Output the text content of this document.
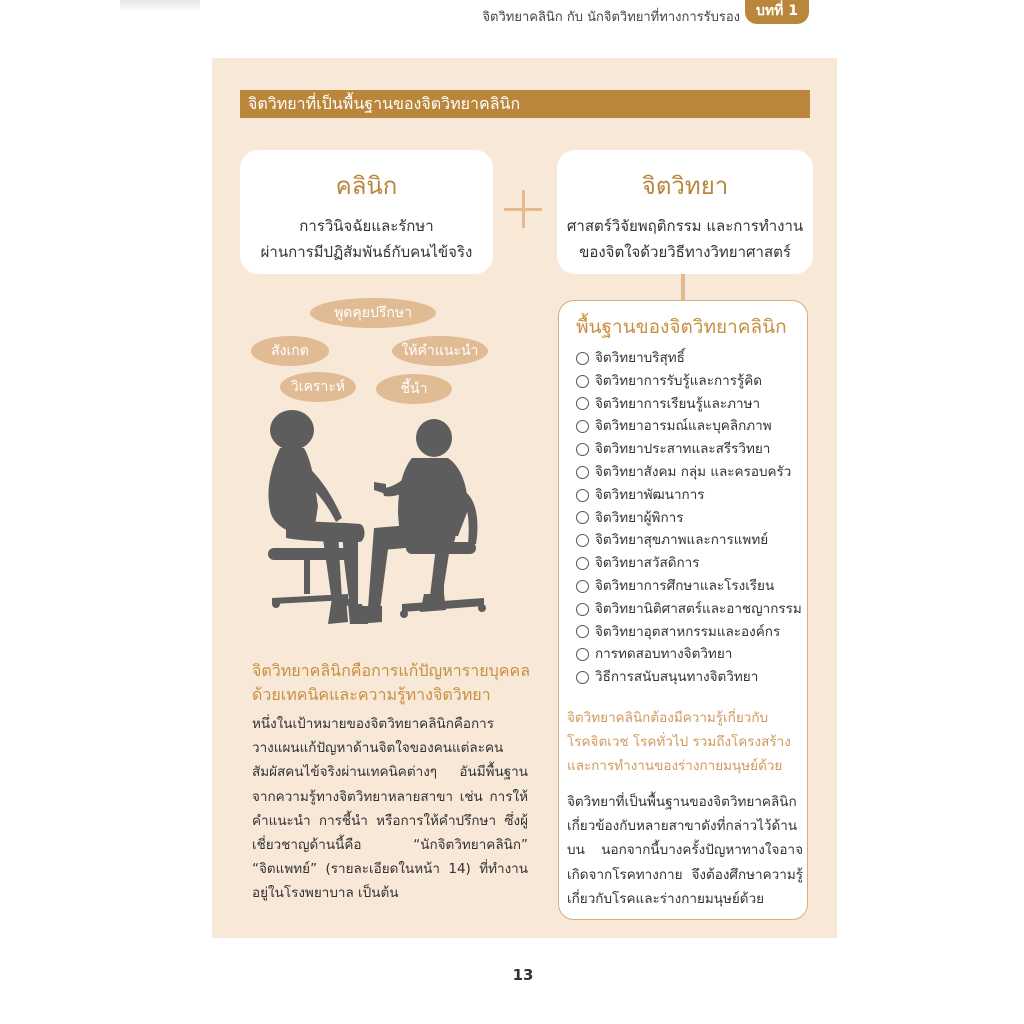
จิตวิทยาคลินิก กับ นักจิตวิทยาที่ทางการรับรอง	บทที่ 1
จิตวิทยาที่เป็นพื้นฐานของจิตวิทยาคลินิก
คลินิก
การวินิจฉัยและรักษา
ผ่านการมีปฏิสัมพันธ์กับคนไข้จริง
จิตวิทยา
ศาสตร์วิจัยพฤติกรรม และการทำงาน
ของจิตใจด้วยวิธีทางวิทยาศาสตร์
พูดคุยปรึกษา
สังเกต	ให้คำแนะนำ
วิเคราะห์	ชี้นำ
จิตวิทยาคลินิกคือการแก้ปัญหารายบุคคล
ด้วยเทคนิคและความรู้ทางจิตวิทยา

หนึ่งในเป้าหมายของจิตวิทยาคลินิกคือการวางแผนแก้ปัญหาด้านจิตใจของคนแต่ละคนสัมผัสคนไข้จริงผ่านเทคนิคต่างๆ อันมีพื้นฐานจากความรู้ทางจิตวิทยาหลายสาขา เช่น การให้คำแนะนำ การชี้นำ หรือการให้คำปรึกษา ซึ่งผู้เชี่ยวชาญด้านนี้คือ “นักจิตวิทยาคลินิก” “จิตแพทย์” (รายละเอียดในหน้า 14) ที่ทำงานอยู่ในโรงพยาบาล เป็นต้น

พื้นฐานของจิตวิทยาคลินิก
จิตวิทยาบริสุทธิ์
จิตวิทยาการรับรู้และการรู้คิด
จิตวิทยาการเรียนรู้และภาษา
จิตวิทยาอารมณ์และบุคลิกภาพ
จิตวิทยาประสาทและสรีรวิทยา
จิตวิทยาสังคม กลุ่ม และครอบครัว
จิตวิทยาพัฒนาการ
จิตวิทยาผู้พิการ
จิตวิทยาสุขภาพและการแพทย์
จิตวิทยาสวัสดิการ
จิตวิทยาการศึกษาและโรงเรียน
จิตวิทยานิติศาสตร์และอาชญากรรม
จิตวิทยาอุตสาหกรรมและองค์กร
การทดสอบทางจิตวิทยา
วิธีการสนับสนุนทางจิตวิทยา

จิตวิทยาคลินิกต้องมีความรู้เกี่ยวกับโรคจิตเวช โรคทั่วไป รวมถึงโครงสร้างและการทำงานของร่างกายมนุษย์ด้วย

จิตวิทยาที่เป็นพื้นฐานของจิตวิทยาคลินิกเกี่ยวข้องกับหลายสาขาดังที่กล่าวไว้ด้านบน นอกจากนี้บางครั้งปัญหาทางใจอาจเกิดจากโรคทางกาย จึงต้องศึกษาความรู้เกี่ยวกับโรคและร่างกายมนุษย์ด้วย

13
